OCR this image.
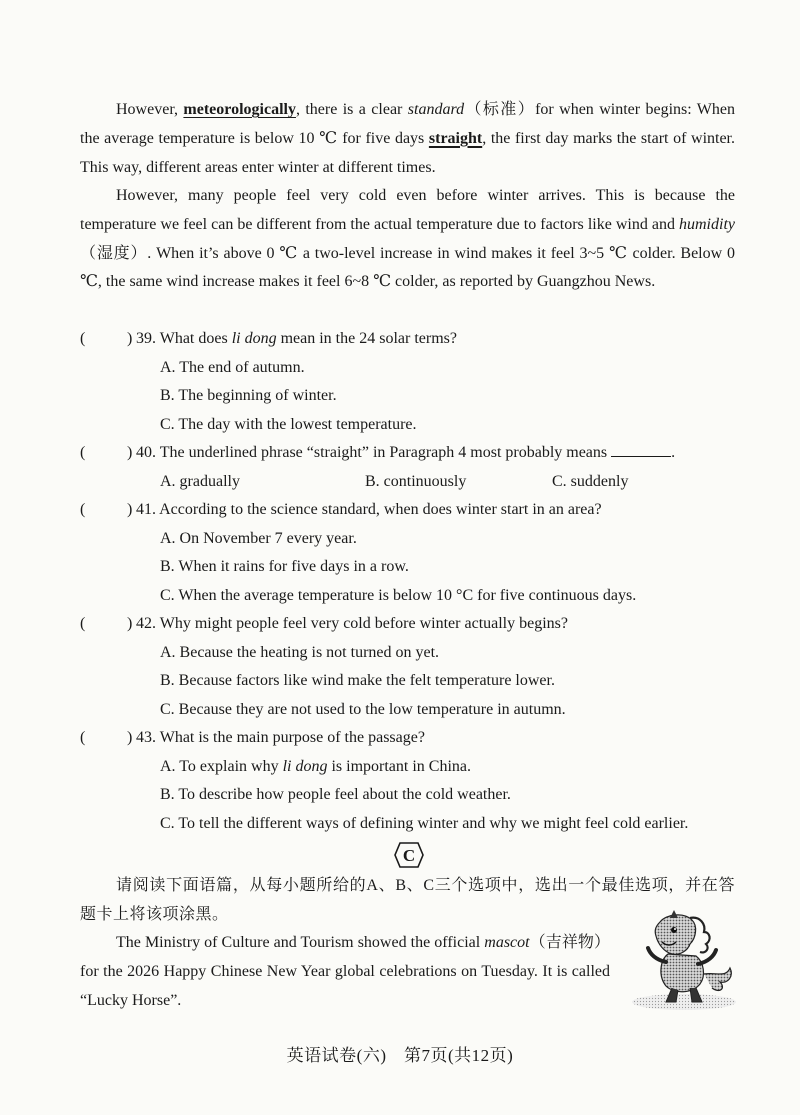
However, meteorologically, there is a clear standard（标准）for when winter begins: When the average temperature is below 10 ℃ for five days straight, the first day marks the start of winter. This way, different areas enter winter at different times.
However, many people feel very cold even before winter arrives. This is because the temperature we feel can be different from the actual temperature due to factors like wind and humidity（湿度）. When it’s above 0 ℃ a two-level increase in wind makes it feel 3~5 ℃ colder. Below 0 ℃, the same wind increase makes it feel 6~8 ℃ colder, as reported by Guangzhou News.
(	) 39. What does li dong mean in the 24 solar terms?
A. The end of autumn.
B. The beginning of winter.
C. The day with the lowest temperature.
(	) 40. The underlined phrase “straight” in Paragraph 4 most probably means	.
A. gradually	B. continuously	C. suddenly
(	) 41. According to the science standard, when does winter start in an area?
A. On November 7 every year.
B. When it rains for five days in a row.
C. When the average temperature is below 10 °C for five continuous days.
(	) 42. Why might people feel very cold before winter actually begins?
A. Because the heating is not turned on yet.
B. Because factors like wind make the felt temperature lower.
C. Because they are not used to the low temperature in autumn.
(	) 43. What is the main purpose of the passage?
A. To explain why li dong is important in China.
B. To describe how people feel about the cold weather.
C. To tell the different ways of defining winter and why we might feel cold earlier.
C
请阅读下面语篇，从每小题所给的A、B、C三个选项中，选出一个最佳选项，并在答题卡上将该项涂黑。
The Ministry of Culture and Tourism showed the official mascot（吉祥物）for the 2026 Happy Chinese New Year global celebrations on Tuesday. It is called “Lucky Horse”.
英语试卷(六)　第7页(共12页)
